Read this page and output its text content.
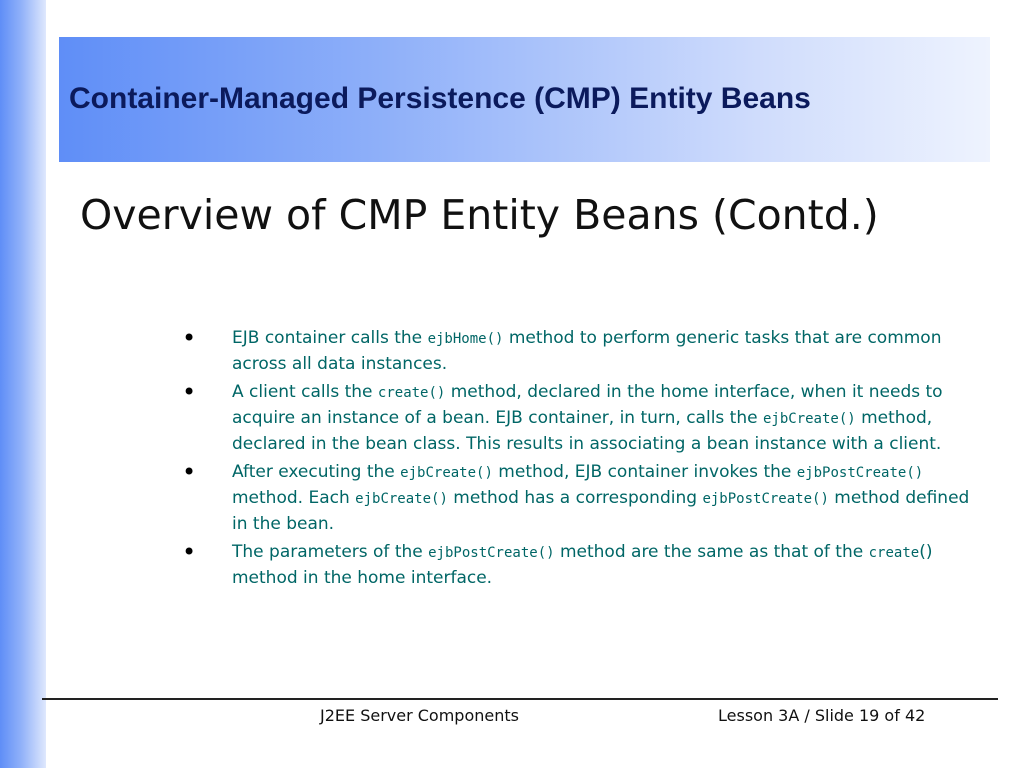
Container-Managed Persistence (CMP) Entity Beans
Overview of CMP Entity Beans (Contd.)
• EJB container calls the ejbHome() method to perform generic tasks that are common across all data instances.
• A client calls the create() method, declared in the home interface, when it needs to acquire an instance of a bean. EJB container, in turn, calls the ejbCreate() method, declared in the bean class. This results in associating a bean instance with a client.
• After executing the ejbCreate() method, EJB container invokes the ejbPostCreate() method. Each ejbCreate() method has a corresponding ejbPostCreate() method defined in the bean.
• The parameters of the ejbPostCreate() method are the same as that of the create() method in the home interface.
J2EE Server Components	Lesson 3A / Slide 19 of 42
